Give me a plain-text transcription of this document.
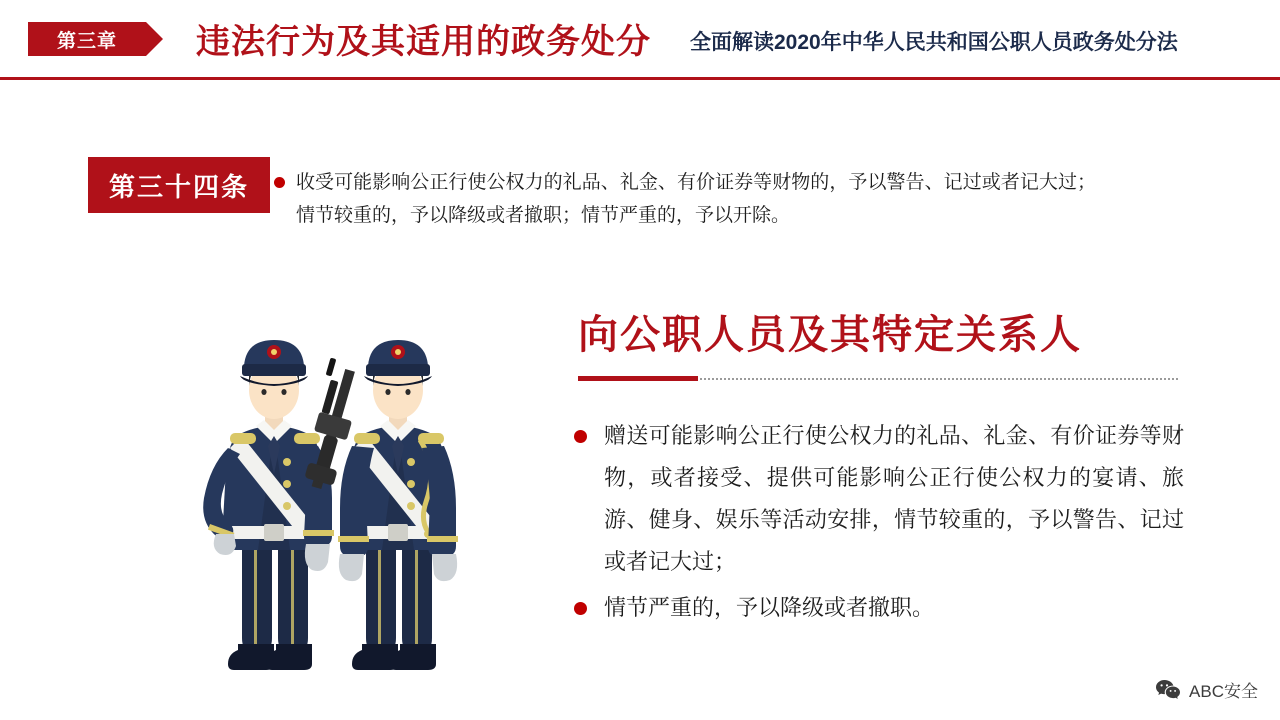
第三章	违法行为及其适用的政务处分 全面解读2020年中华人民共和国公职人员政务处分法
第三十四条	收受可能影响公正行使公权力的礼品、礼金、有价证券等财物的，予以警告、记过或者记大过；情节较重的，予以降级或者撤职；情节严重的，予以开除。
向公职人员及其特定关系人
赠送可能影响公正行使公权力的礼品、礼金、有价证券等财物，或者接受、提供可能影响公正行使公权力的宴请、旅游、健身、娱乐等活动安排，情节较重的，予以警告、记过或者记大过；
情节严重的，予以降级或者撤职。
ABC安全
